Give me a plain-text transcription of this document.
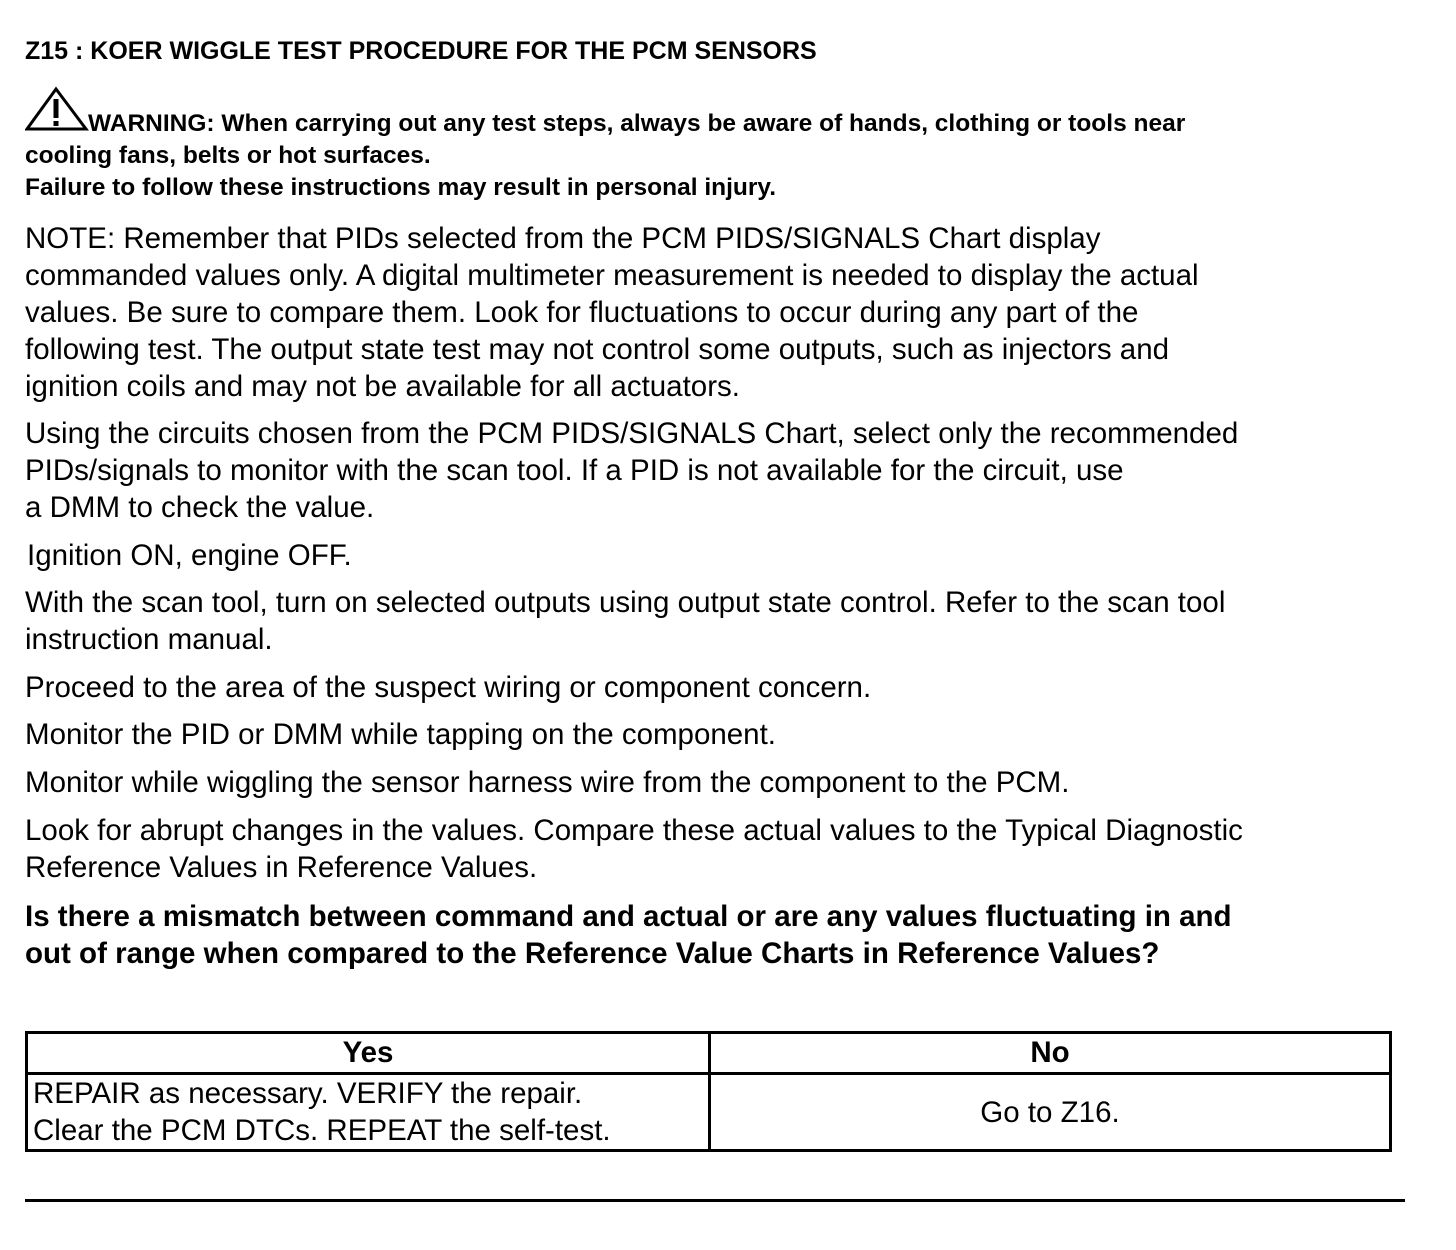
Z15 : KOER WIGGLE TEST PROCEDURE FOR THE PCM SENSORS
WARNING: When carrying out any test steps, always be aware of hands, clothing or tools near
cooling fans, belts or hot surfaces.
Failure to follow these instructions may result in personal injury.
NOTE: Remember that PIDs selected from the PCM PIDS/SIGNALS Chart display
commanded values only. A digital multimeter measurement is needed to display the actual
values. Be sure to compare them. Look for fluctuations to occur during any part of the
following test. The output state test may not control some outputs, such as injectors and
ignition coils and may not be available for all actuators.
Using the circuits chosen from the PCM PIDS/SIGNALS Chart, select only the recommended
PIDs/signals to monitor with the scan tool. If a PID is not available for the circuit, use
a DMM to check the value.
Ignition ON, engine OFF.
With the scan tool, turn on selected outputs using output state control. Refer to the scan tool
instruction manual.
Proceed to the area of the suspect wiring or component concern.
Monitor the PID or DMM while tapping on the component.
Monitor while wiggling the sensor harness wire from the component to the PCM.
Look for abrupt changes in the values. Compare these actual values to the Typical Diagnostic
Reference Values in Reference Values.
Is there a mismatch between command and actual or are any values fluctuating in and
out of range when compared to the Reference Value Charts in Reference Values?
Yes	No

REPAIR as necessary. VERIFY the repair.
Clear the PCM DTCs. REPEAT the self-test.	Go to Z16.
